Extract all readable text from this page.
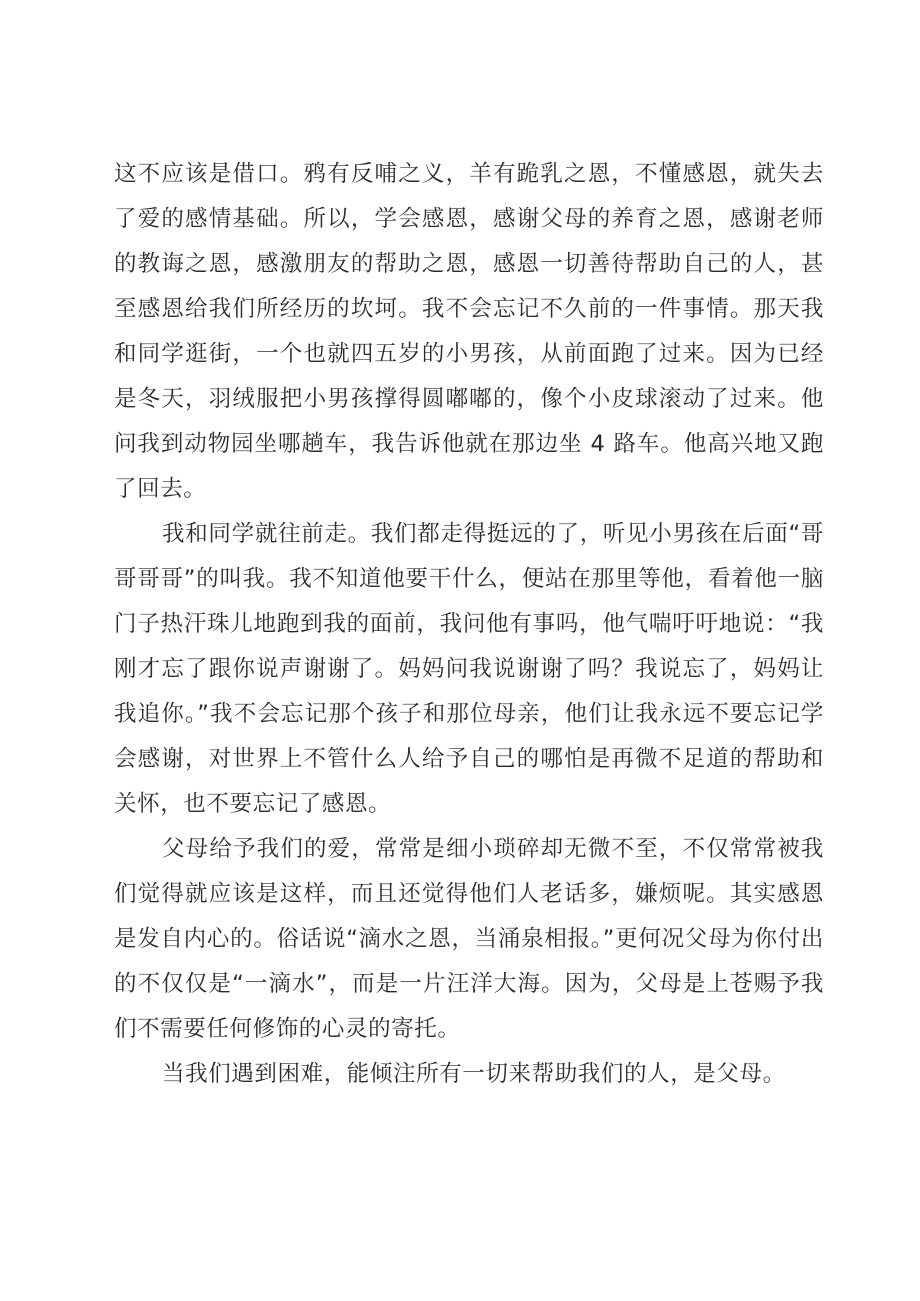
这不应该是借口。鸦有反哺之义，羊有跪乳之恩，不懂感恩，就失去了爱的感情基础。所以，学会感恩，感谢父母的养育之恩，感谢老师的教诲之恩，感激朋友的帮助之恩，感恩一切善待帮助自己的人，甚至感恩给我们所经历的坎坷。我不会忘记不久前的一件事情。那天我和同学逛街，一个也就四五岁的小男孩，从前面跑了过来。因为已经是冬天，羽绒服把小男孩撑得圆嘟嘟的，像个小皮球滚动了过来。他问我到动物园坐哪趟车，我告诉他就在那边坐 4 路车。他高兴地又跑了回去。

我和同学就往前走。我们都走得挺远的了，听见小男孩在后面“哥哥哥哥”的叫我。我不知道他要干什么，便站在那里等他，看着他一脑门子热汗珠儿地跑到我的面前，我问他有事吗，他气喘吁吁地说：“我刚才忘了跟你说声谢谢了。妈妈问我说谢谢了吗？我说忘了，妈妈让我追你。”我不会忘记那个孩子和那位母亲，他们让我永远不要忘记学会感谢，对世界上不管什么人给予自己的哪怕是再微不足道的帮助和关怀，也不要忘记了感恩。

父母给予我们的爱，常常是细小琐碎却无微不至，不仅常常被我们觉得就应该是这样，而且还觉得他们人老话多，嫌烦呢。其实感恩是发自内心的。俗话说“滴水之恩，当涌泉相报。”更何况父母为你付出的不仅仅是“一滴水”，而是一片汪洋大海。因为，父母是上苍赐予我们不需要任何修饰的心灵的寄托。

当我们遇到困难，能倾注所有一切来帮助我们的人，是父母。
